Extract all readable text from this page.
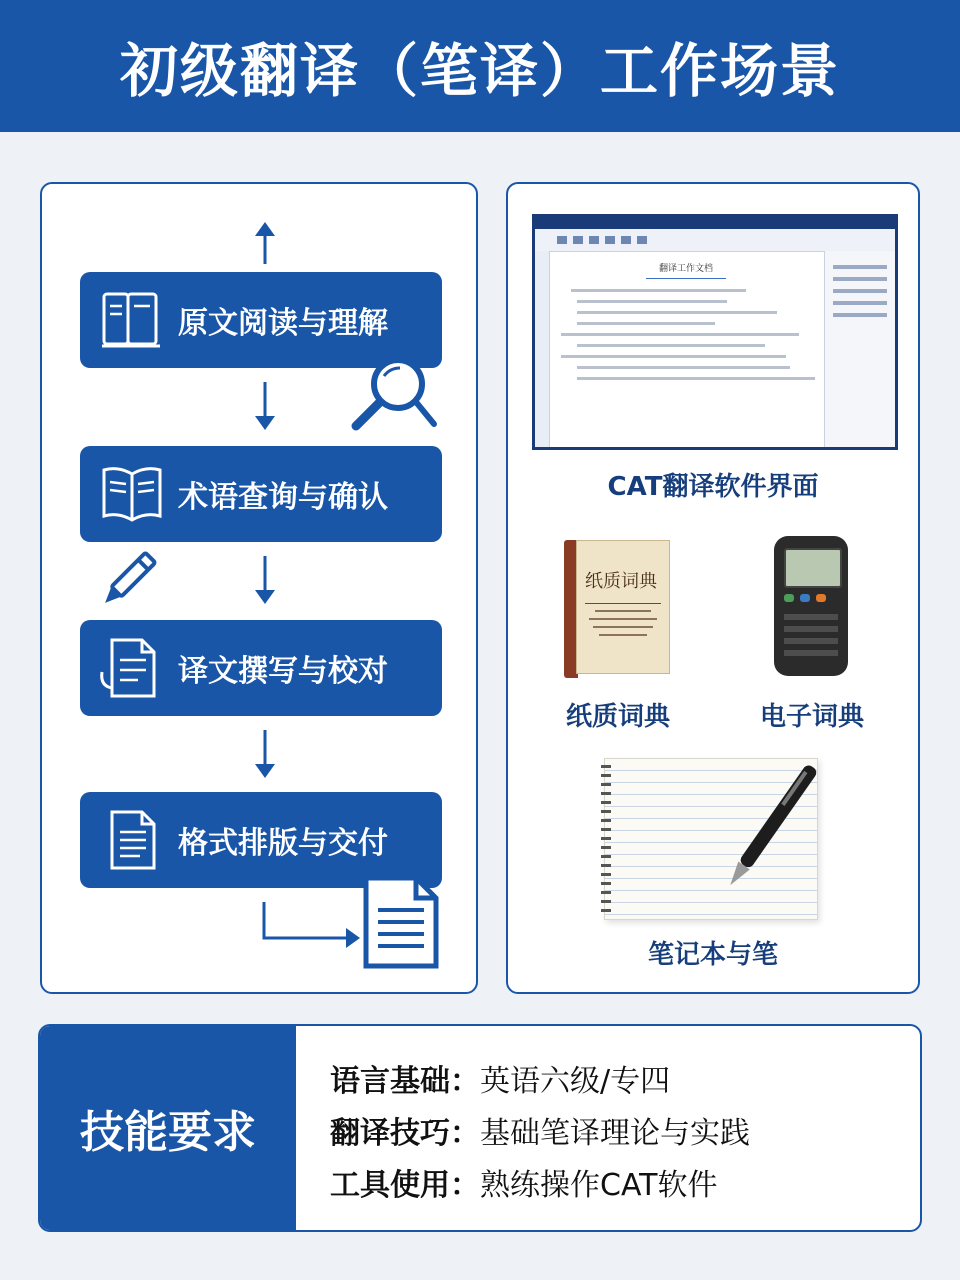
初级翻译（笔译）工作场景
原文阅读与理解
术语查询与确认
译文撰写与校对
格式排版与交付
翻译工作文档
CAT翻译软件界面
纸质词典
纸质词典	电子词典
笔记本与笔
技能要求
语言基础：英语六级/专四
翻译技巧：基础笔译理论与实践
工具使用：熟练操作CAT软件
